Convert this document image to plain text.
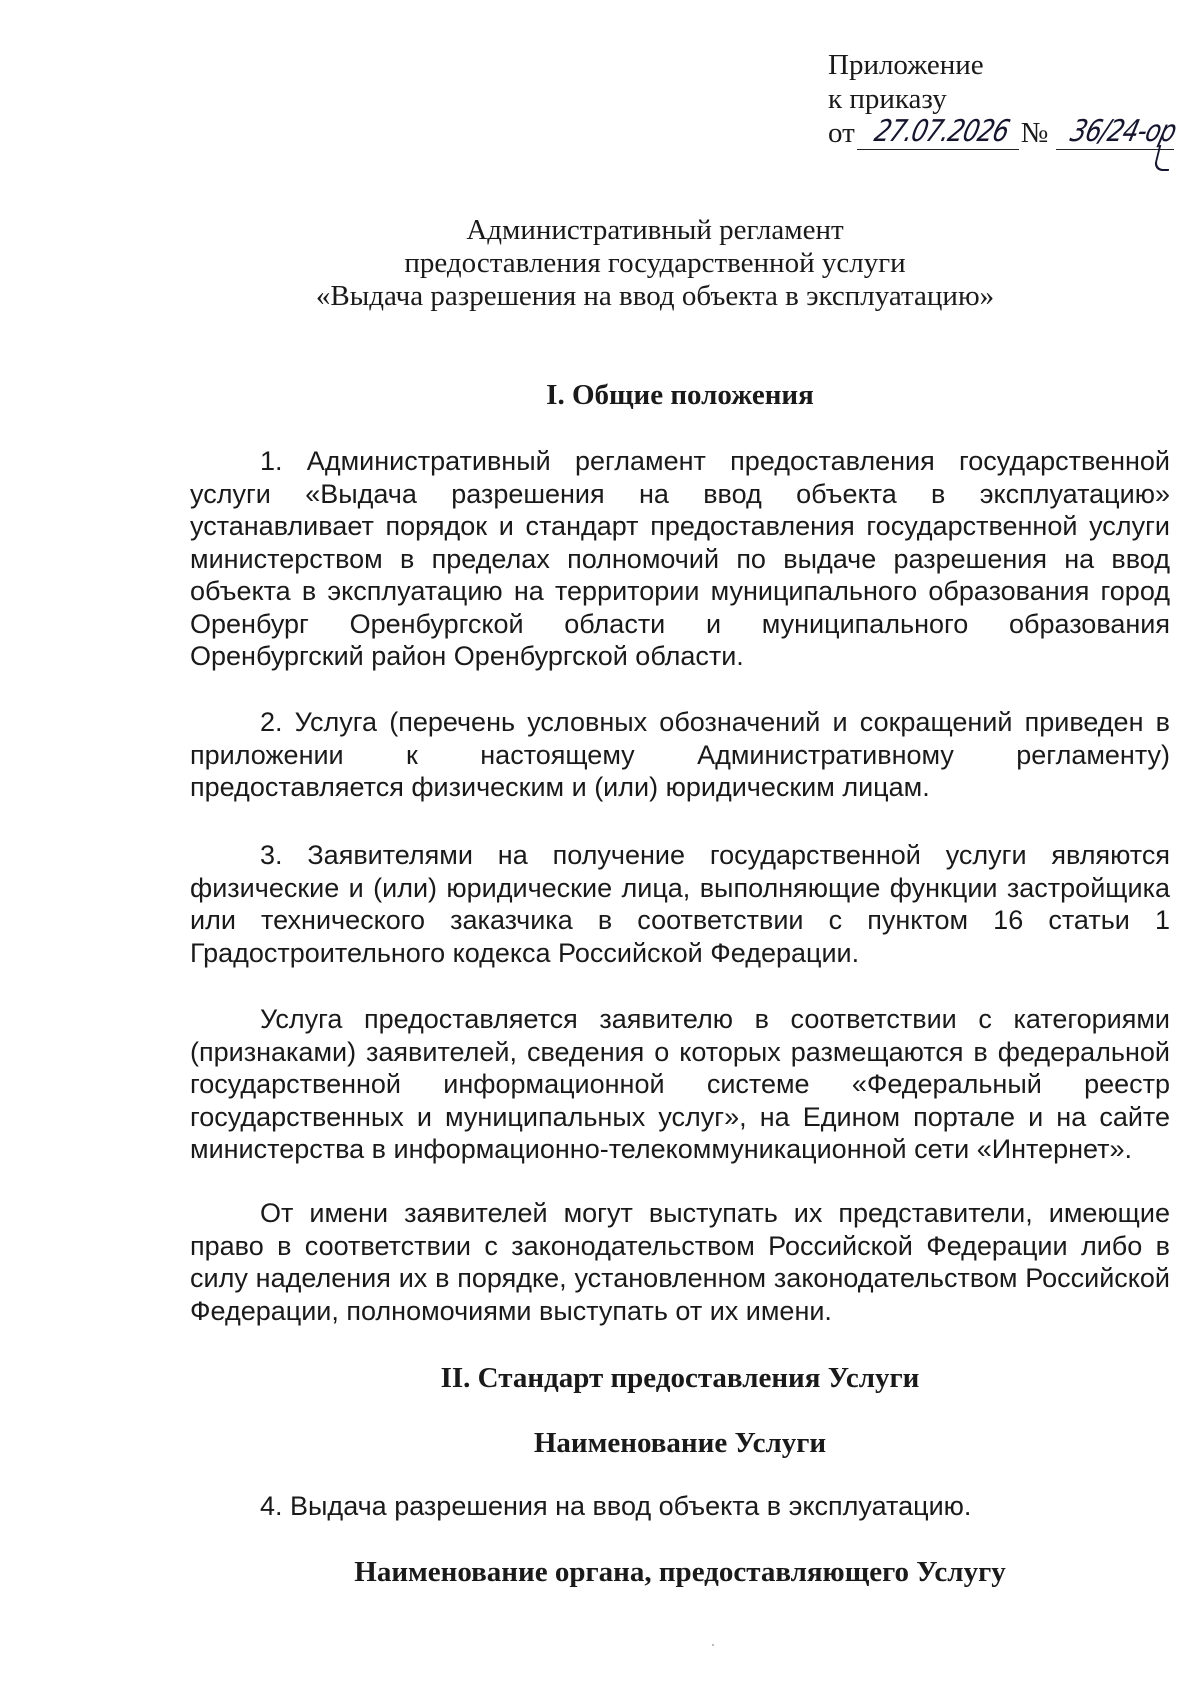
Приложение
к приказу
от 27.07.2026 № 36/24-ор
Административный регламент
предоставления государственной услуги
«Выдача разрешения на ввод объекта в эксплуатацию»
I. Общие положения

1. Административный регламент предоставления государственной услуги «Выдача разрешения на ввод объекта в эксплуатацию» устанавливает порядок и стандарт предоставления государственной услуги министерством в пределах полномочий по выдаче разрешения на ввод объекта в эксплуатацию на территории муниципального образования город Оренбург Оренбургской области и муниципального образования Оренбургский район Оренбургской области.

2. Услуга (перечень условных обозначений и сокращений приведен в приложении к настоящему Административному регламенту) предоставляется физическим и (или) юридическим лицам.

3. Заявителями на получение государственной услуги являются физические и (или) юридические лица, выполняющие функции застройщика или технического заказчика в соответствии с пунктом 16 статьи 1 Градостроительного кодекса Российской Федерации.

Услуга предоставляется заявителю в соответствии с категориями (признаками) заявителей, сведения о которых размещаются в федеральной государственной информационной системе «Федеральный реестр государственных и муниципальных услуг», на Едином портале и на сайте министерства в информационно-телекоммуникационной сети «Интернет».

От имени заявителей могут выступать их представители, имеющие право в соответствии с законодательством Российской Федерации либо в силу наделения их в порядке, установленном законодательством Российской Федерации, полномочиями выступать от их имени.

II. Стандарт предоставления Услуги
Наименование Услуги

4. Выдача разрешения на ввод объекта в эксплуатацию.

Наименование органа, предоставляющего Услугу
